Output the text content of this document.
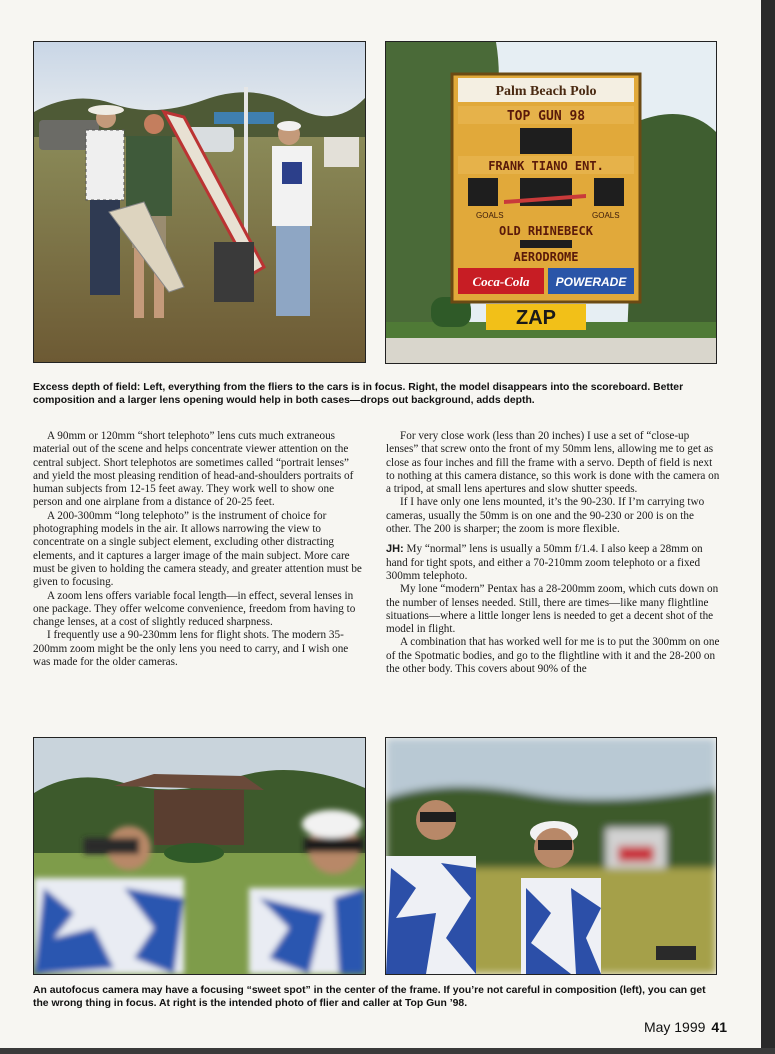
Palm Beach Polo
TOP GUN 98
FRANK TIANO ENT.
GOALS	GOALS
OLD RHINEBECK
AERODROME
Coca-Cola POWERADE
ZAP
Excess depth of field: Left, everything from the fliers to the cars is in focus. Right, the model disappears into the scoreboard. Better composition and a larger lens opening would help in both cases—drops out background, adds depth.

A 90mm or 120mm “short telephoto” lens cuts much extraneous material out of the scene and helps concentrate viewer attention on the central subject. Short telephotos are sometimes called “portrait lenses” and yield the most pleasing rendition of head-and-shoulders portraits of human subjects from 12-15 feet away. They work well to show one person and one airplane from a distance of 20-25 feet.

A 200-300mm “long telephoto” is the instrument of choice for photographing models in the air. It allows narrowing the view to concentrate on a single subject element, excluding other distracting elements, and it captures a larger image of the main subject. More care must be given to holding the camera steady, and greater attention must be given to focusing.

A zoom lens offers variable focal length—in effect, several lenses in one package. They offer welcome convenience, freedom from having to change lenses, at a cost of slightly reduced sharpness.

I frequently use a 90-230mm lens for flight shots. The modern 35-200mm zoom might be the only lens you need to carry, and I wish one was made for the older cameras.

For very close work (less than 20 inches) I use a set of “close-up lenses” that screw onto the front of my 50mm lens, allowing me to get as close as four inches and fill the frame with a servo. Depth of field is next to nothing at this camera distance, so this work is done with the camera on a tripod, at small lens apertures and slow shutter speeds.

If I have only one lens mounted, it’s the 90-230. If I’m carrying two cameras, usually the 50mm is on one and the 90-230 or 200 is on the other. The 200 is sharper; the zoom is more flexible.

JH: My “normal” lens is usually a 50mm f/1.4. I also keep a 28mm on hand for tight spots, and either a 70-210mm zoom telephoto or a fixed 300mm telephoto.

My lone “modern” Pentax has a 28-200mm zoom, which cuts down on the number of lenses needed. Still, there are times—like many flightline situations—where a little longer lens is needed to get a decent shot of the model in flight.

A combination that has worked well for me is to put the 300mm on one of the Spotmatic bodies, and go to the flightline with it and the 28-200 on the other body. This covers about 90% of the

An autofocus camera may have a focusing “sweet spot” in the center of the frame. If you’re not careful in composition (left), you can get the wrong thing in focus. At right is the intended photo of flier and caller at Top Gun ’98.
May 1999 41
